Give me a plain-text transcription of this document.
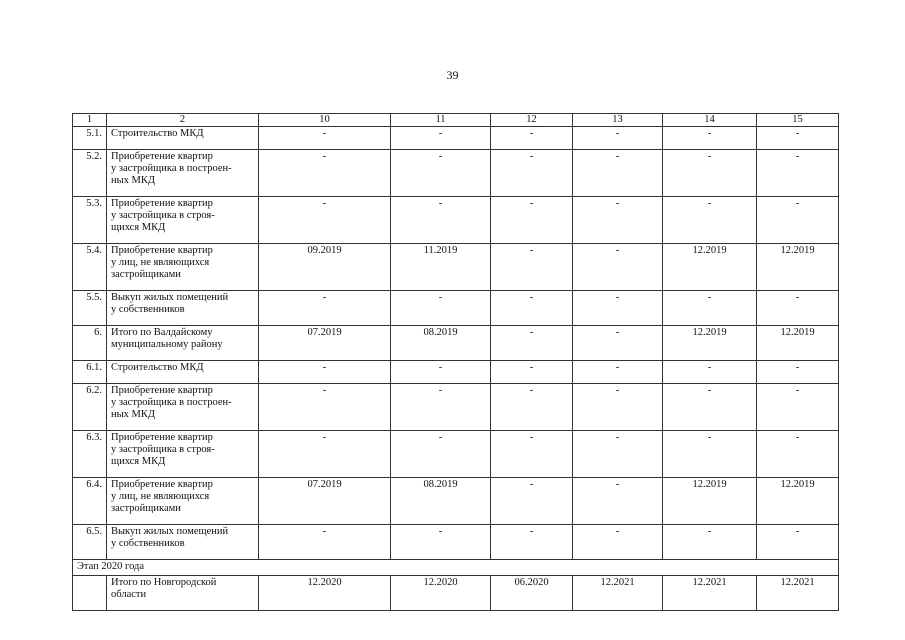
39
1	2	10	11	12	13	14	15
5.1.	Строительство МКД	-	-	-	-	-	-
5.2.	Приобретение квартир
у застройщика в построен-
ных МКД	-	-	-	-	-	-
5.3.	Приобретение квартир
у застройщика в строя-
щихся МКД	-	-	-	-	-	-
5.4.	Приобретение квартир
у лиц, не являющихся
застройщиками	09.2019	11.2019	-	-	12.2019	12.2019
5.5.	Выкуп жилых помещений
у собственников	-	-	-	-	-	-
6.	Итого по Валдайскому
муниципальному району	07.2019	08.2019	-	-	12.2019	12.2019
6.1.	Строительство МКД	-	-	-	-	-	-
6.2.	Приобретение квартир
у застройщика в построен-
ных МКД	-	-	-	-	-	-
6.3.	Приобретение квартир
у застройщика в строя-
щихся МКД	-	-	-	-	-	-
6.4.	Приобретение квартир
у лиц, не являющихся
застройщиками	07.2019	08.2019	-	-	12.2019	12.2019
6.5.	Выкуп жилых помещений
у собственников	-	-	-	-	-	-
Этап 2020 года							
	Итого по Новгородской
области	12.2020	12.2020	06.2020	12.2021	12.2021	12.2021
